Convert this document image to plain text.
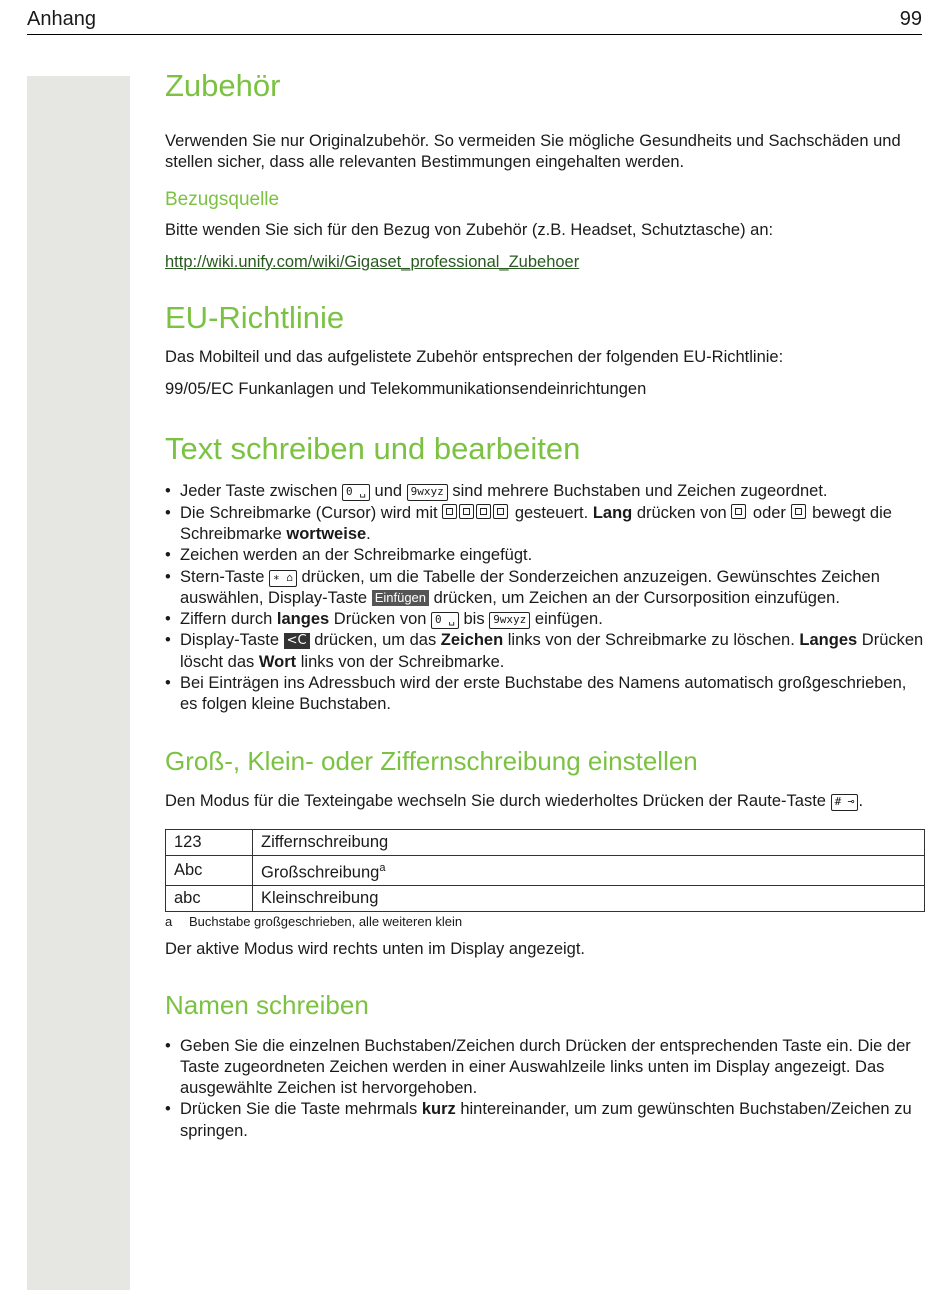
Anhang	99
Zubehör

Verwenden Sie nur Originalzubehör. So vermeiden Sie mögliche Gesundheits und Sachschäden und stellen sicher, dass alle relevanten Bestimmungen eingehalten werden.

Bezugsquelle

Bitte wenden Sie sich für den Bezug von Zubehör (z.B. Headset, Schutztasche) an:

http://wiki.unify.com/wiki/Gigaset_professional_Zubehoer

EU-Richtlinie

Das Mobilteil und das aufgelistete Zubehör entsprechen der folgenden EU-Richtlinie:

99/05/EC Funkanlagen und Telekommunikationsendeinrichtungen

Text schreiben und bearbeiten
• Jeder Taste zwischen 0 ␣ und 9wxyz sind mehrere Buchstaben und Zeichen zugeordnet.
• Die Schreibmarke (Cursor) wird mit	gesteuert. Lang drücken von oder bewegt die Schreibmarke wortweise.
• Zeichen werden an der Schreibmarke eingefügt.
• Stern-Taste ∗ ⌂ drücken, um die Tabelle der Sonderzeichen anzuzeigen. Gewünschtes Zeichen auswählen, Display-Taste Einfügen drücken, um Zeichen an der Cursorposition einzufügen.
• Ziffern durch langes Drücken von 0 ␣ bis 9wxyz einfügen.
• Display-Taste <C drücken, um das Zeichen links von der Schreibmarke zu löschen. Langes Drücken löscht das Wort links von der Schreibmarke.
• Bei Einträgen ins Adressbuch wird der erste Buchstabe des Namens automatisch großgeschrieben, es folgen kleine Buchstaben.
Groß-, Klein- oder Ziffernschreibung einstellen

Den Modus für die Texteingabe wechseln Sie durch wiederholtes Drücken der Raute-Taste # ⊸ .

123	Ziffernschreibung
Abc	Großschreibung$^a$
abc	Kleinschreibung
a Buchstabe großgeschrieben, alle weiteren klein

Der aktive Modus wird rechts unten im Display angezeigt.

Namen schreiben
• Geben Sie die einzelnen Buchstaben/Zeichen durch Drücken der entsprechenden Taste ein. Die der Taste zugeordneten Zeichen werden in einer Auswahlzeile links unten im Display angezeigt. Das ausgewählte Zeichen ist hervorgehoben.
• Drücken Sie die Taste mehrmals kurz hintereinander, um zum gewünschten Buchstaben/Zeichen zu springen.
